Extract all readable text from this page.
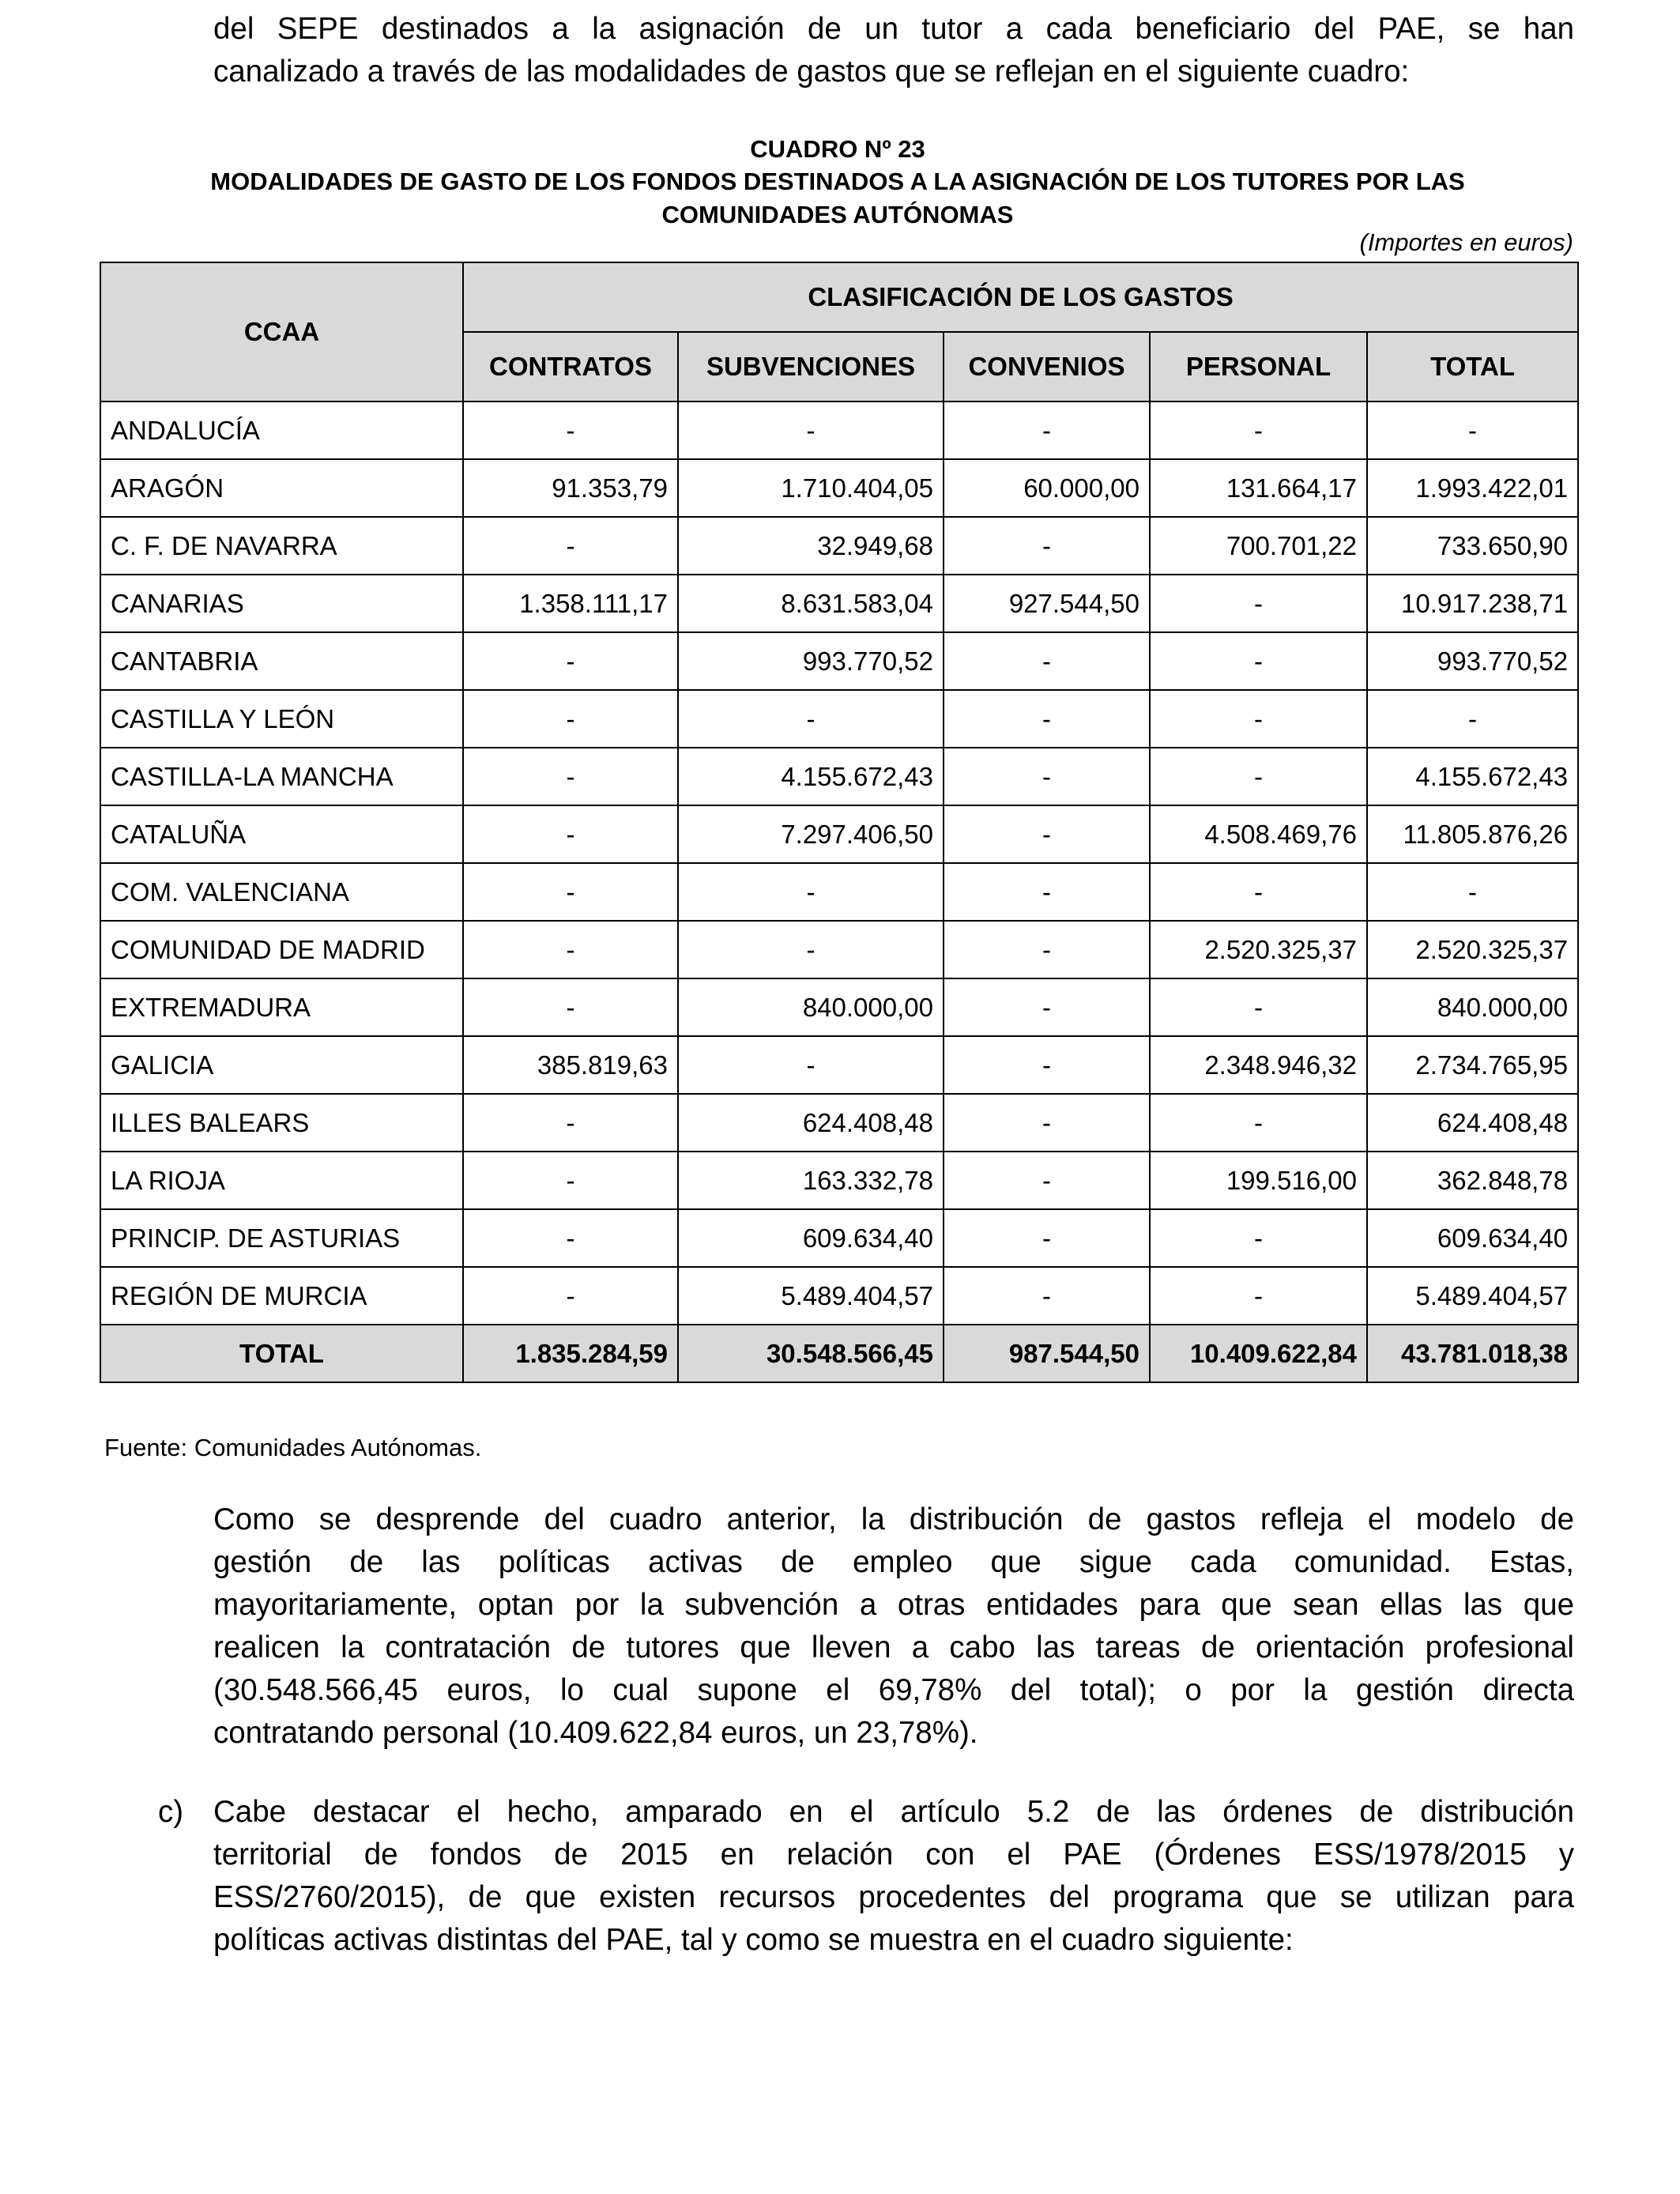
del SEPE destinados a la asignación de un tutor a cada beneficiario del PAE, se han
canalizado a través de las modalidades de gastos que se reflejan en el siguiente cuadro:
CUADRO Nº 23
MODALIDADES DE GASTO DE LOS FONDOS DESTINADOS A LA ASIGNACIÓN DE LOS TUTORES POR LAS
COMUNIDADES AUTÓNOMAS
(Importes en euros)
CCAA	CLASIFICACIÓN DE LOS GASTOS				
	CONTRATOS	SUBVENCIONES	CONVENIOS	PERSONAL	TOTAL
ANDALUCÍA	-	-	-	-	-
ARAGÓN	91.353,79	1.710.404,05	60.000,00	131.664,17	1.993.422,01
C. F. DE NAVARRA	-	32.949,68	-	700.701,22	733.650,90
CANARIAS	1.358.111,17	8.631.583,04	927.544,50	-	10.917.238,71
CANTABRIA	-	993.770,52	-	-	993.770,52
CASTILLA Y LEÓN	-	-	-	-	-
CASTILLA-LA MANCHA	-	4.155.672,43	-	-	4.155.672,43
CATALUÑA	-	7.297.406,50	-	4.508.469,76	11.805.876,26
COM. VALENCIANA	-	-	-	-	-
COMUNIDAD DE MADRID	-	-	-	2.520.325,37	2.520.325,37
EXTREMADURA	-	840.000,00	-	-	840.000,00
GALICIA	385.819,63	-	-	2.348.946,32	2.734.765,95
ILLES BALEARS	-	624.408,48	-	-	624.408,48
LA RIOJA	-	163.332,78	-	199.516,00	362.848,78
PRINCIP. DE ASTURIAS	-	609.634,40	-	-	609.634,40
REGIÓN DE MURCIA	-	5.489.404,57	-	-	5.489.404,57
TOTAL	1.835.284,59	30.548.566,45	987.544,50	10.409.622,84	43.781.018,38
Fuente: Comunidades Autónomas.
Como se desprende del cuadro anterior, la distribución de gastos refleja el modelo de
gestión de las políticas activas de empleo que sigue cada comunidad. Estas,
mayoritariamente, optan por la subvención a otras entidades para que sean ellas las que
realicen la contratación de tutores que lleven a cabo las tareas de orientación profesional
(30.548.566,45 euros, lo cual supone el 69,78% del total); o por la gestión directa
contratando personal (10.409.622,84 euros, un 23,78%).
c) Cabe destacar el hecho, amparado en el artículo 5.2 de las órdenes de distribución
territorial de fondos de 2015 en relación con el PAE (Órdenes ESS/1978/2015 y
ESS/2760/2015), de que existen recursos procedentes del programa que se utilizan para
políticas activas distintas del PAE, tal y como se muestra en el cuadro siguiente:
